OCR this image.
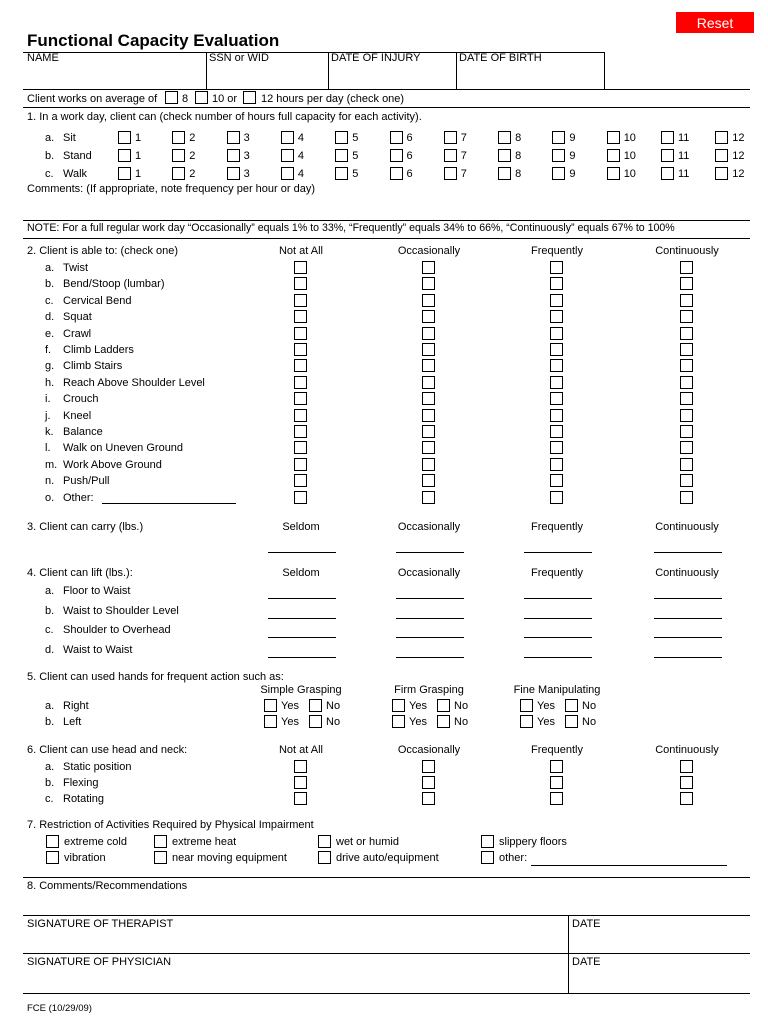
Reset
Functional Capacity Evaluation
NAME	SSN or WID	DATE OF INJURY	DATE OF BIRTH
Client works on average of 8 10 or 12 hours per day (check one)
1. In a work day, client can (check number of hours full capacity for each activity).
a. Sit	1	2	3	4	5	6	7	8	9	10	11	12
b. Stand	1	2	3	4	5	6	7	8	9	10	11	12
c. Walk	1	2	3	4	5	6	7	8	9	10	11	12
Comments: (If appropriate, note frequency per hour or day)
NOTE: For a full regular work day “Occasionally” equals 1% to 33%, “Frequently” equals 34% to 66%, “Continuously” equals 67% to 100%
2. Client is able to: (check one)	Not at All	Occasionally	Frequently	Continuously
a. Twist
b. Bend/Stoop (lumbar)
c. Cervical Bend
d. Squat
e. Crawl
f. Climb Ladders
g. Climb Stairs
h. Reach Above Shoulder Level
i. Crouch
j. Kneel
k. Balance
l. Walk on Uneven Ground
m. Work Above Ground
n. Push/Pull
o. Other:
3. Client can carry (lbs.)	Seldom	Occasionally	Frequently	Continuously
4. Client can lift (lbs.):	Seldom	Occasionally	Frequently	Continuously
a. Floor to Waist
b. Waist to Shoulder Level
c. Shoulder to Overhead
d. Waist to Waist
5. Client can used hands for frequent action such as:
Simple Grasping	Firm Grasping	Fine Manipulating
a. Right	Yes No	Yes No	Yes No
b. Left	Yes No	Yes No	Yes No
6. Client can use head and neck:	Not at All	Occasionally	Frequently	Continuously
a. Static position
b. Flexing
c. Rotating
7. Restriction of Activities Required by Physical Impairment
extreme cold	extreme heat	wet or humid	slippery floors
vibration	near moving equipment	drive auto/equipment	other:
8. Comments/Recommendations
SIGNATURE OF THERAPIST	DATE
SIGNATURE OF PHYSICIAN	DATE
FCE (10/29/09)
